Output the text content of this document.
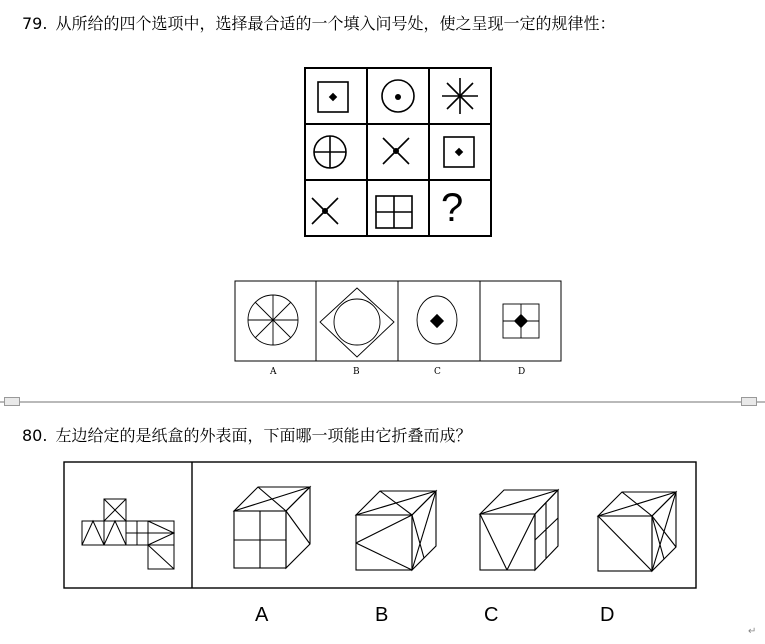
79. 从所给的四个选项中，选择最合适的一个填入问号处，使之呈现一定的规律性：
?
A	B	C	D
80. 左边给定的是纸盒的外表面，下面哪一项能由它折叠而成？
A	B	C	D
↵
